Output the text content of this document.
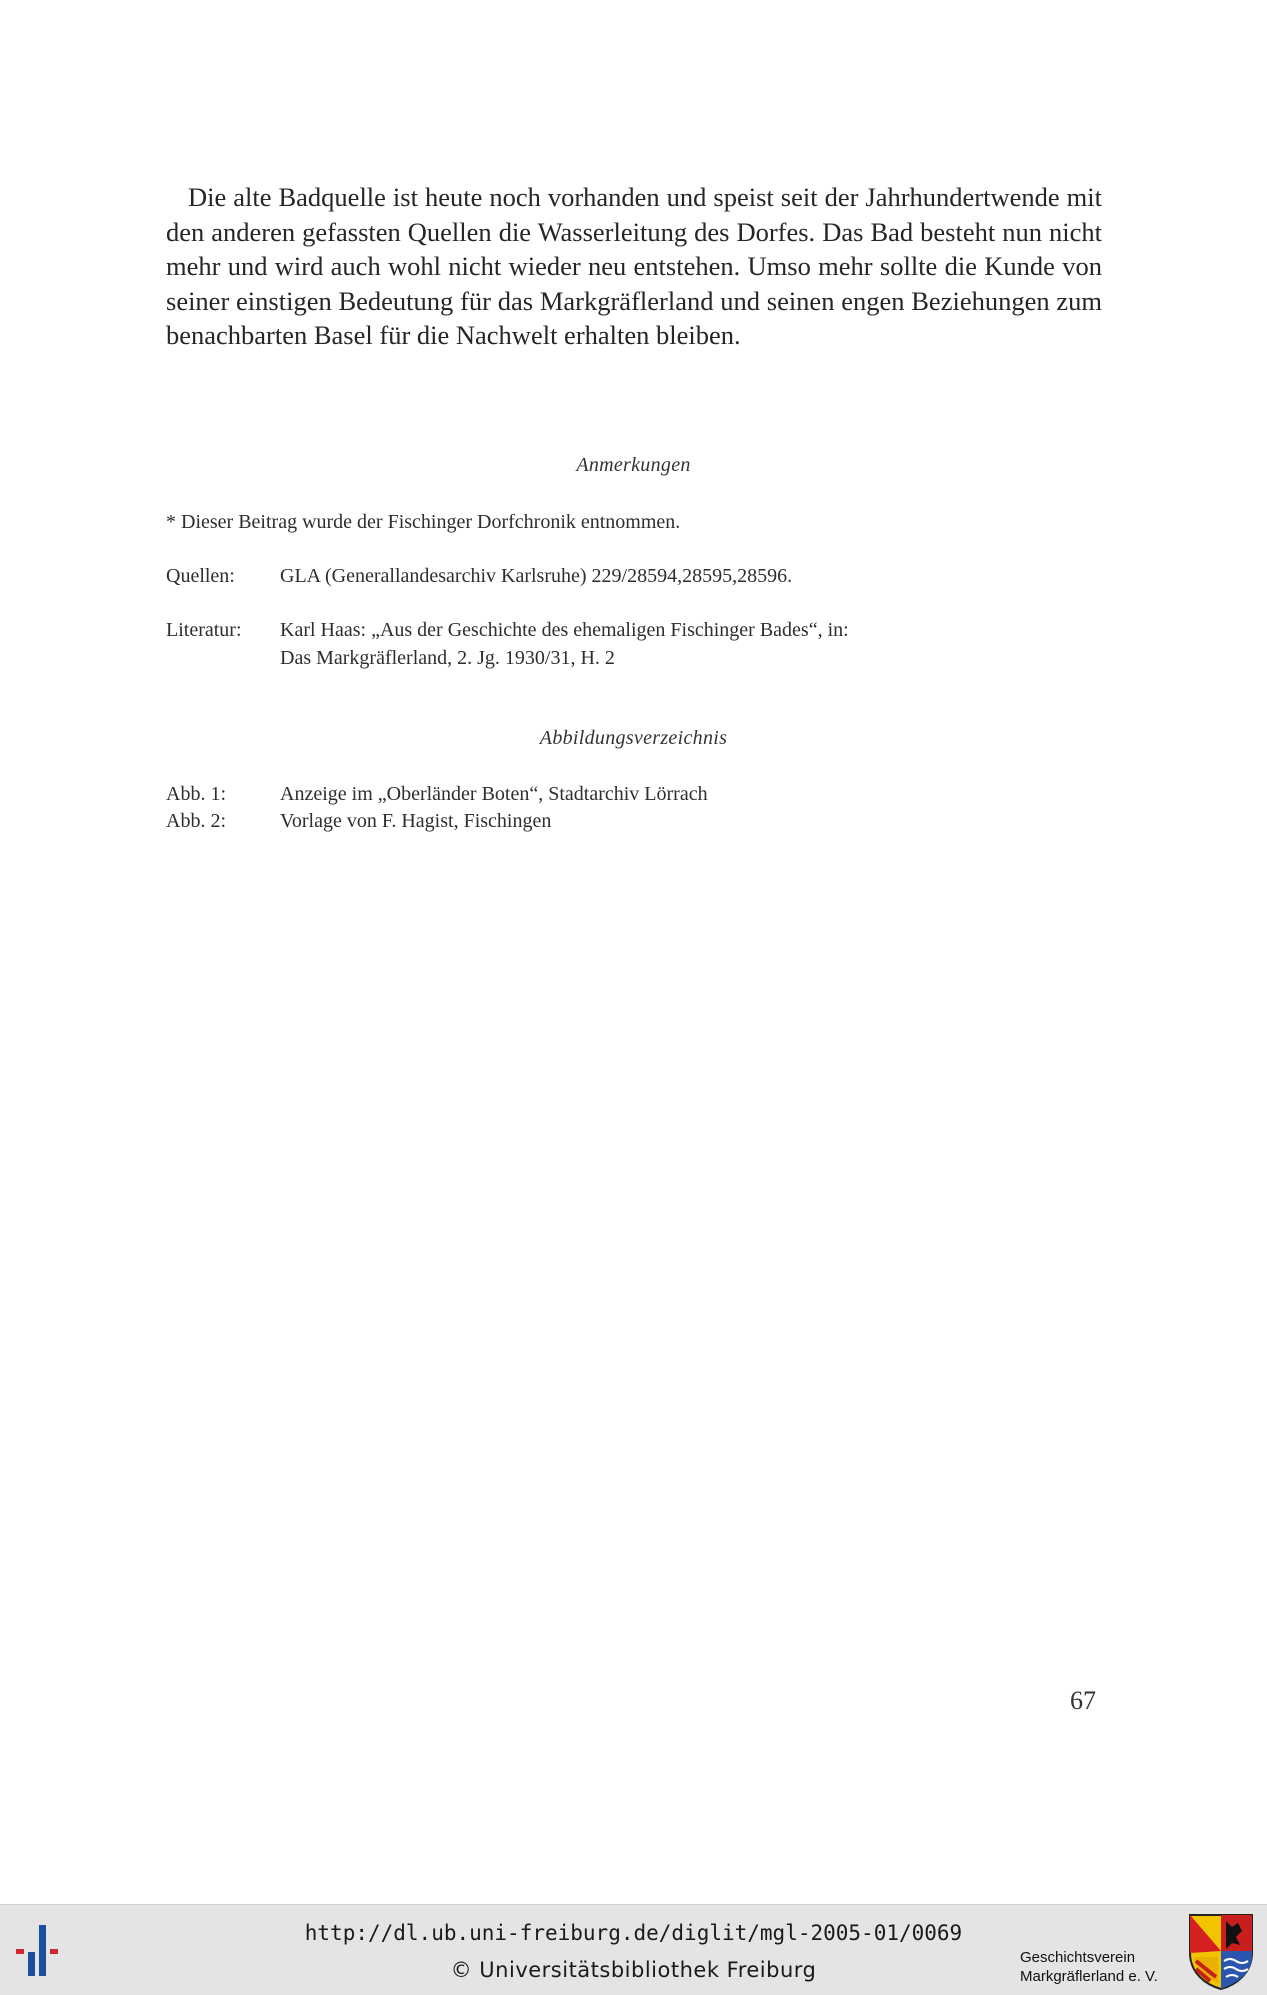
Die alte Badquelle ist heute noch vorhanden und speist seit der Jahrhundertwende mit den anderen gefassten Quellen die Wasserleitung des Dorfes. Das Bad besteht nun nicht mehr und wird auch wohl nicht wieder neu entstehen. Umso mehr sollte die Kunde von seiner einstigen Bedeutung für das Markgräflerland und seinen engen Beziehungen zum benachbarten Basel für die Nachwelt erhalten bleiben.

Anmerkungen
* Dieser Beitrag wurde der Fischinger Dorfchronik entnommen.
Quellen: GLA (Generallandesarchiv Karlsruhe) 229/28594,28595,28596.
Literatur: Karl Haas: „Aus der Geschichte des ehemaligen Fischinger Bades“, in:
Das Markgräflerland, 2. Jg. 1930/31, H. 2
Abbildungsverzeichnis
Abb. 1:	Anzeige im „Oberländer Boten“, Stadtarchiv Lörrach
Abb. 2:	Vorlage von F. Hagist, Fischingen
67
http://dl.ub.uni-freiburg.de/diglit/mgl-2005-01/0069
© Universitätsbibliothek Freiburg
Geschichtsverein
Markgräflerland e. V.
